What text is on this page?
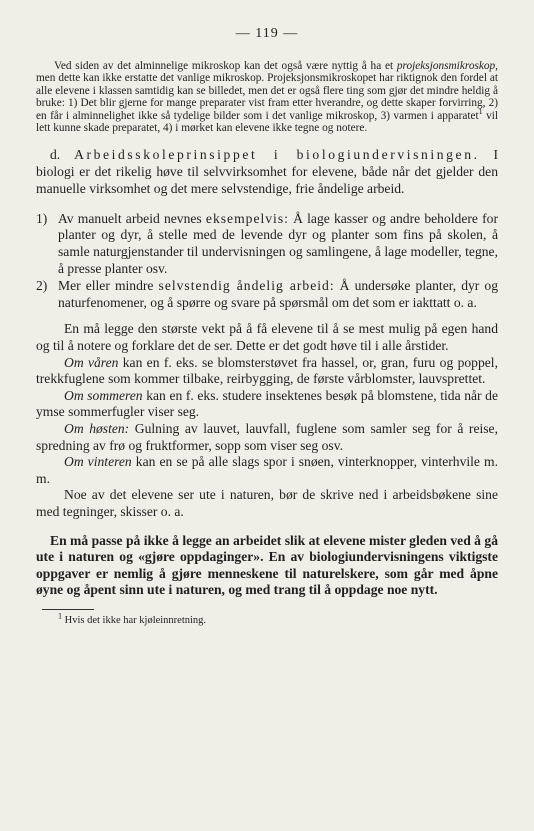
— 119 —

Ved siden av det alminnelige mikroskop kan det også være nyttig å ha et projeksjonsmikroskop, men dette kan ikke erstatte det vanlige mikroskop. Projeksjonsmikroskopet har riktignok den fordel at alle elevene i klassen samtidig kan se billedet, men det er også flere ting som gjør det mindre heldig å bruke: 1) Det blir gjerne for mange preparater vist fram etter hverandre, og dette skaper forvirring, 2) en får i alminnelighet ikke så tydelige bilder som i det vanlige mikroskop, 3) varmen i apparatet$^1$ vil lett kunne skade preparatet, 4) i mørket kan elevene ikke tegne og notere.

d. Arbeidsskoleprinsippet i biologiundervisningen. I biologi er det rikelig høve til selvvirksomhet for elevene, både når det gjelder den manuelle virksomhet og det mere selvstendige, frie åndelige arbeid.

1) Av manuelt arbeid nevnes eksempelvis: Å lage kasser og andre beholdere for planter og dyr, å stelle med de levende dyr og planter som fins på skolen, å samle naturgjenstander til undervisningen og samlingene, å lage modeller, tegne, å presse planter osv.
2) Mer eller mindre selvstendig åndelig arbeid: Å undersøke planter, dyr og naturfenomener, og å spørre og svare på spørsmål om det som er iakttatt o. a.

En må legge den største vekt på å få elevene til å se mest mulig på egen hand og til å notere og forklare det de ser. Dette er det godt høve til i alle årstider.

Om våren kan en f. eks. se blomsterstøvet fra hassel, or, gran, furu og poppel, trekkfuglene som kommer tilbake, reirbygging, de første vårblomster, lauvsprettet.

Om sommeren kan en f. eks. studere insektenes besøk på blomstene, tida når de ymse sommerfugler viser seg.

Om høsten: Gulning av lauvet, lauvfall, fuglene som samler seg for å reise, spredning av frø og fruktformer, sopp som viser seg osv.

Om vinteren kan en se på alle slags spor i snøen, vinterknopper, vinterhvile m. m.

Noe av det elevene ser ute i naturen, bør de skrive ned i arbeidsbøkene sine med tegninger, skisser o. a.

En må passe på ikke å legge an arbeidet slik at elevene mister gleden ved å gå ute i naturen og «gjøre oppdaginger». En av biologiundervisningens viktigste oppgaver er nemlig å gjøre menneskene til naturelskere, som går med åpne øyne og åpent sinn ute i naturen, og med trang til å oppdage noe nytt.

$^1$ Hvis det ikke har kjøleinnretning.
